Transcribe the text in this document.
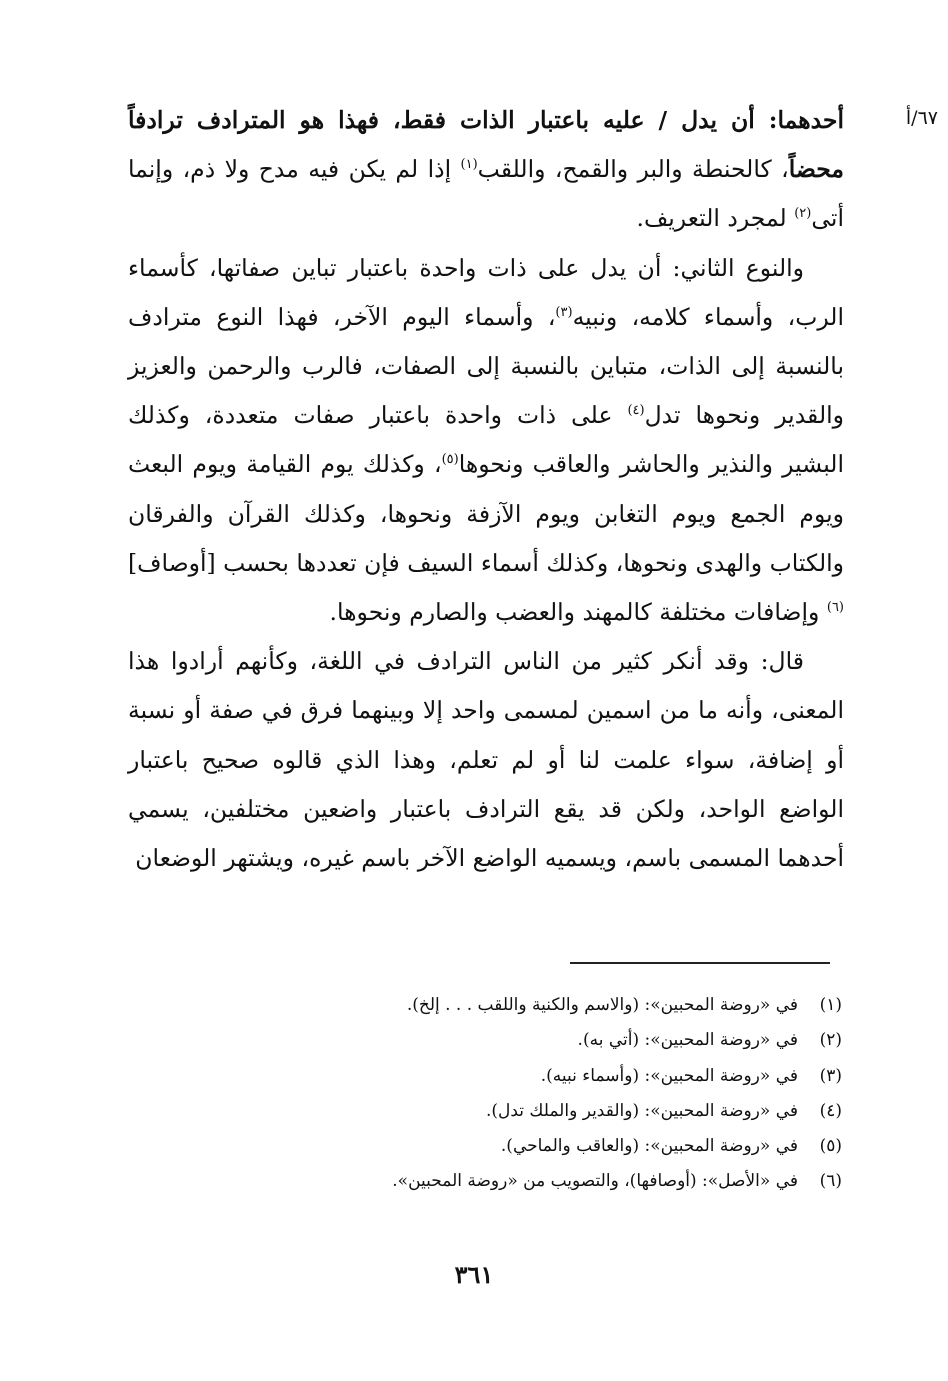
٦٧/أ

أحدهما: أن يدل / عليه باعتبار الذات فقط، فهذا هو المترادف ترادفاً محضاً، كالحنطة والبر والقمح، واللقب$^{(١)}$ إذا لم يكن فيه مدح ولا ذم، وإنما أتى$^{(٢)}$ لمجرد التعريف.

والنوع الثاني: أن يدل على ذات واحدة باعتبار تباين صفاتها، كأسماء الرب، وأسماء كلامه، ونبيه$^{(٣)}$، وأسماء اليوم الآخر، فهذا النوع مترادف بالنسبة إلى الذات، متباين بالنسبة إلى الصفات، فالرب والرحمن والعزيز والقدير ونحوها تدل$^{(٤)}$ على ذات واحدة باعتبار صفات متعددة، وكذلك البشير والنذير والحاشر والعاقب ونحوها$^{(٥)}$، وكذلك يوم القيامة ويوم البعث ويوم الجمع ويوم التغابن ويوم الآزفة ونحوها، وكذلك القرآن والفرقان والكتاب والهدى ونحوها، وكذلك أسماء السيف فإن تعددها بحسب [أوصاف]$^{(٦)}$ وإضافات مختلفة كالمهند والعضب والصارم ونحوها.

قال: وقد أنكر كثير من الناس الترادف في اللغة، وكأنهم أرادوا هذا المعنى، وأنه ما من اسمين لمسمى واحد إلا وبينهما فرق في صفة أو نسبة أو إضافة، سواء علمت لنا أو لم تعلم، وهذا الذي قالوه صحيح باعتبار الواضع الواحد، ولكن قد يقع الترادف باعتبار واضعين مختلفين، يسمي أحدهما المسمى باسم، ويسميه الواضع الآخر باسم غيره، ويشتهر الوضعان

(١)في «روضة المحبين»: (والاسم والكنية واللقب . . . إلخ).
(٢)في «روضة المحبين»: (أتي به).
(٣)في «روضة المحبين»: (وأسماء نبيه).
(٤)في «روضة المحبين»: (والقدير والملك تدل).
(٥)في «روضة المحبين»: (والعاقب والماحي).
(٦)في «الأصل»: (أوصافها)، والتصويب من «روضة المحبين».
٣٦١
